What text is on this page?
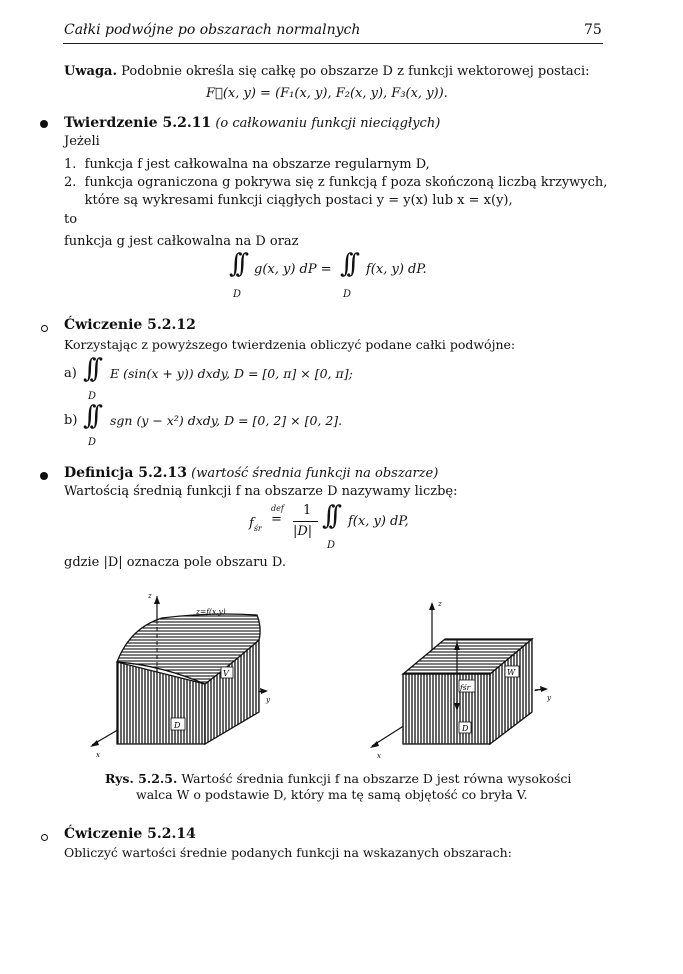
Całki podwójne po obszarach normalnych	75
Uwaga. Podobnie określa się całkę po obszarze D z funkcji wektorowej postaci:
F⃗(x, y) = (F₁(x, y), F₂(x, y), F₃(x, y)).
Twierdzenie 5.2.11 (o całkowaniu funkcji nieciągłych)
Jeżeli
1.  funkcja f jest całkowalna na obszarze regularnym D,
2.  funkcja ograniczona g pokrywa się z funkcją f poza skończoną liczbą krzywych,
które są wykresami funkcji ciągłych postaci y = y(x) lub x = x(y),
to
funkcja g jest całkowalna na D oraz
∫∫ g(x, y) dP = ∫∫ f(x, y) dP.
D	D
Ćwiczenie 5.2.12
Korzystając z powyższego twierdzenia obliczyć podane całki podwójne:
a) ∫∫ E (sin(x + y)) dxdy, D = [0, π] × [0, π];
D
b) ∫∫ sgn (y − x²) dxdy, D = [0, 2] × [0, 2].
D
Definicja 5.2.13 (wartość średnia funkcji na obszarze)
Wartością średnią funkcji f na obszarze D nazywamy liczbę:
$f_{śr}$
def
=
1
|D|
∫∫ f(x, y) dP,
D
gdzie |D| oznacza pole obszaru D.
z
z=f(x,y)
V
D
y
x
z
W
fśr
D
y
x
Rys. 5.2.5. Wartość średnia funkcji f na obszarze D jest równa wysokości
walca W o podstawie D, który ma tę samą objętość co bryła V.
Ćwiczenie 5.2.14
Obliczyć wartości średnie podanych funkcji na wskazanych obszarach:
